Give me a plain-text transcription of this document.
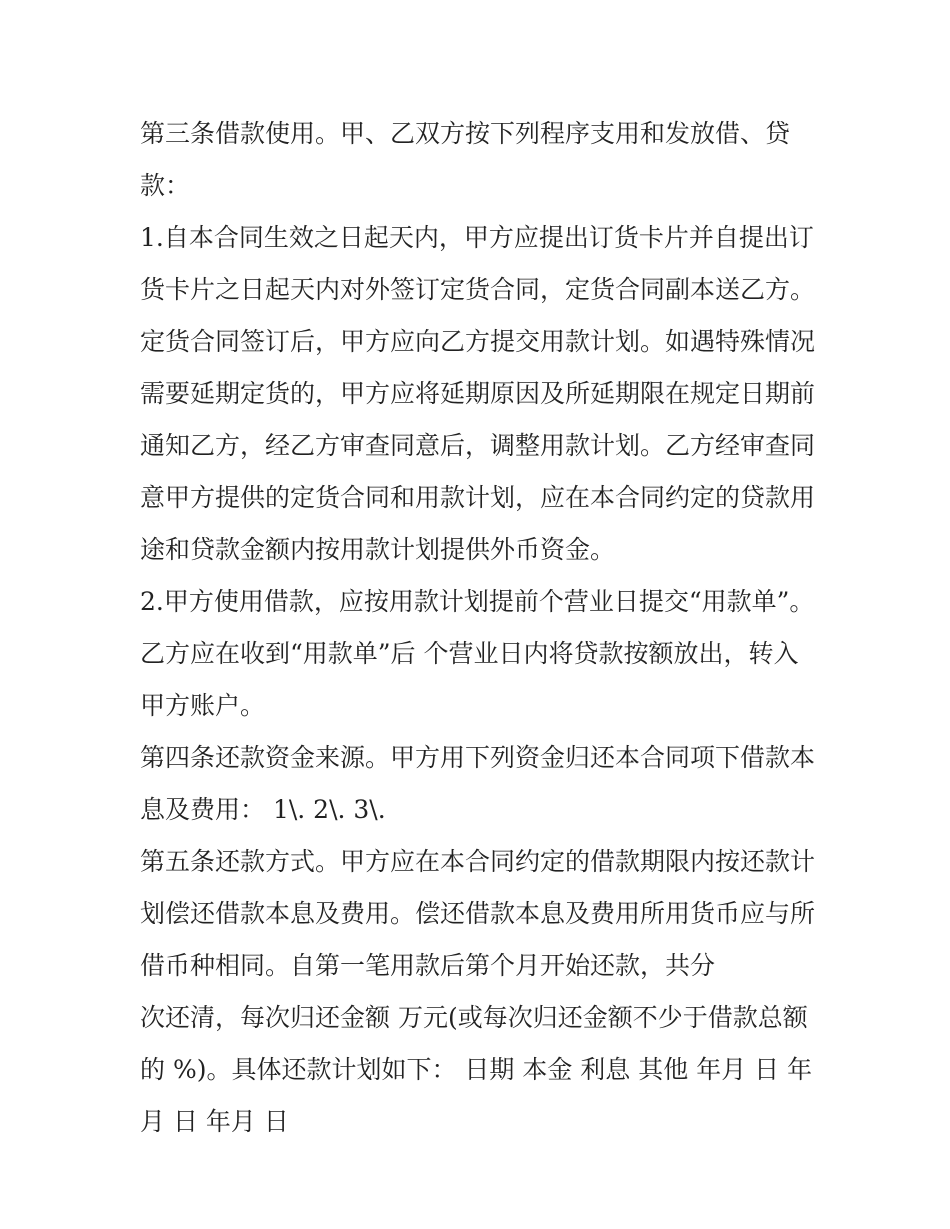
第三条借款使用。甲、乙双方按下列程序支用和发放借、贷
款：
1.自本合同生效之日起天内，甲方应提出订货卡片并自提出订
货卡片之日起天内对外签订定货合同，定货合同副本送乙方。
定货合同签订后，甲方应向乙方提交用款计划。如遇特殊情况
需要延期定货的，甲方应将延期原因及所延期限在规定日期前
通知乙方，经乙方审查同意后，调整用款计划。乙方经审查同
意甲方提供的定货合同和用款计划，应在本合同约定的贷款用
途和贷款金额内按用款计划提供外币资金。
2.甲方使用借款，应按用款计划提前个营业日提交“用款单”。
乙方应在收到“用款单”后 个营业日内将贷款按额放出，转入
甲方账户。
第四条还款资金来源。甲方用下列资金归还本合同项下借款本
息及费用： 1\. 2\. 3\.
第五条还款方式。甲方应在本合同约定的借款期限内按还款计
划偿还借款本息及费用。偿还借款本息及费用所用货币应与所
借币种相同。自第一笔用款后第个月开始还款，共分
次还清，每次归还金额 万元(或每次归还金额不少于借款总额
的 %)。具体还款计划如下： 日期 本金 利息 其他 年月 日 年
月 日 年月 日
